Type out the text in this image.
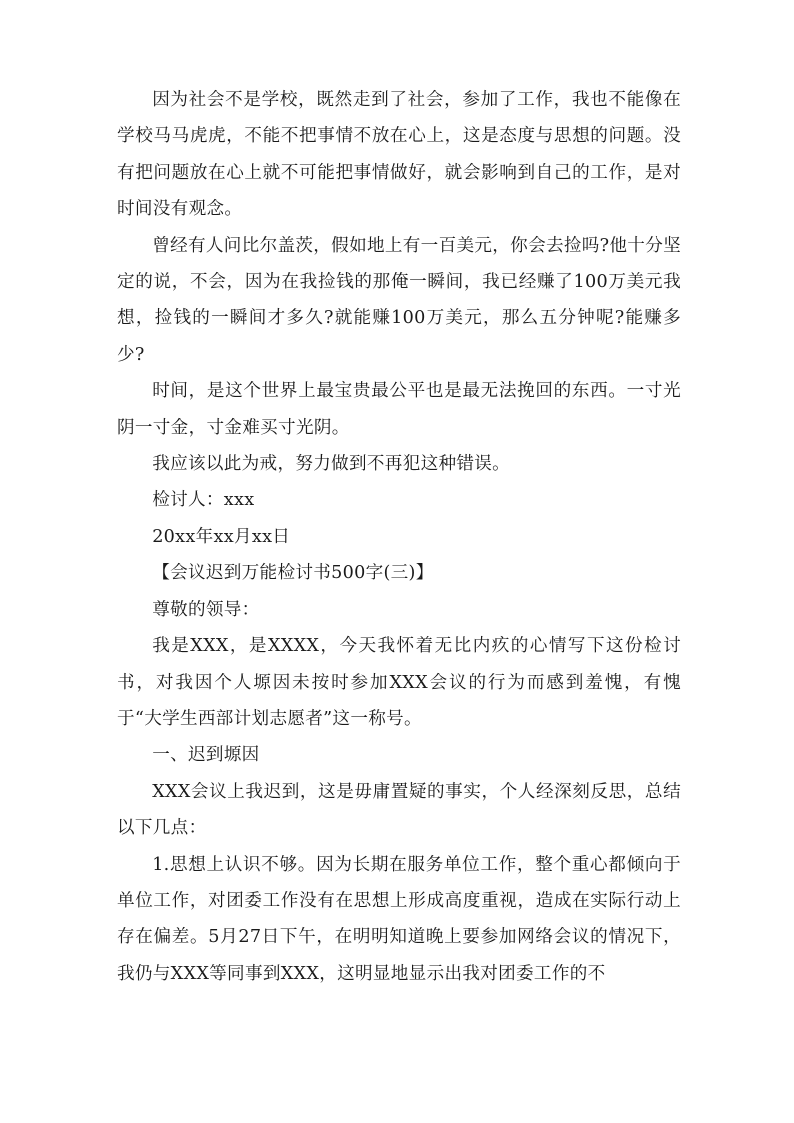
因为社会不是学校，既然走到了社会，参加了工作，我也不能像在学校马马虎虎，不能不把事情不放在心上，这是态度与思想的问题。没有把问题放在心上就不可能把事情做好，就会影响到自己的工作，是对时间没有观念。

曾经有人问比尔盖茨，假如地上有一百美元，你会去捡吗?他十分坚定的说，不会，因为在我捡钱的那俺一瞬间，我已经赚了100万美元我想，捡钱的一瞬间才多久?就能赚100万美元，那么五分钟呢?能赚多少?

时间，是这个世界上最宝贵最公平也是最无法挽回的东西。一寸光阴一寸金，寸金难买寸光阴。

我应该以此为戒，努力做到不再犯这种错误。

检讨人：xxx

20xx年xx月xx日

【会议迟到万能检讨书500字(三)】

尊敬的领导：

我是XXX，是XXXX，今天我怀着无比内疚的心情写下这份检讨书，对我因个人塬因未按时参加XXX会议的行为而感到羞愧，有愧于“大学生西部计划志愿者”这一称号。

一、迟到塬因

XXX会议上我迟到，这是毋庸置疑的事实，个人经深刻反思，总结以下几点：

1.思想上认识不够。因为长期在服务单位工作，整个重心都倾向于单位工作，对团委工作没有在思想上形成高度重视，造成在实际行动上存在偏差。5月27日下午，在明明知道晚上要参加网络会议的情况下，我仍与XXX等同事到XXX，这明显地显示出我对团委工作的不
